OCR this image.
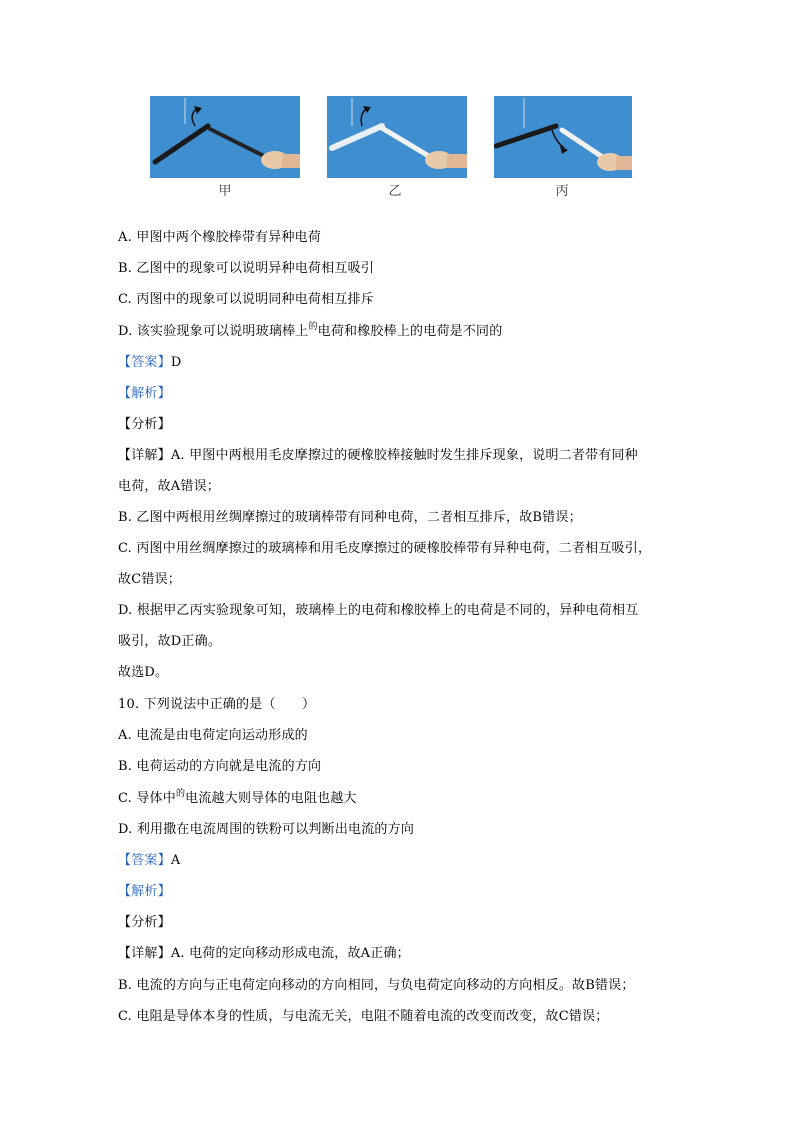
甲	乙	丙
A. 甲图中两个橡胶棒带有异种电荷
B. 乙图中的现象可以说明异种电荷相互吸引
C. 丙图中的现象可以说明同种电荷相互排斥
D. 该实验现象可以说明玻璃棒上$^的$电荷和橡胶棒上的电荷是不同的
【答案】D
【解析】
【分析】
【详解】A. 甲图中两根用毛皮摩擦过的硬橡胶棒接触时发生排斥现象，说明二者带有同种
电荷，故A错误；
B. 乙图中两根用丝绸摩擦过的玻璃棒带有同种电荷，二者相互排斥，故B错误；
C. 丙图中用丝绸摩擦过的玻璃棒和用毛皮摩擦过的硬橡胶棒带有异种电荷，二者相互吸引，
故C错误；
D. 根据甲乙丙实验现象可知，玻璃棒上的电荷和橡胶棒上的电荷是不同的，异种电荷相互
吸引，故D正确。
故选D。
10. 下列说法中正确的是（　　）
A. 电流是由电荷定向运动形成的
B. 电荷运动的方向就是电流的方向
C. 导体中$^的$电流越大则导体的电阻也越大
D. 利用撒在电流周围的铁粉可以判断出电流的方向
【答案】A
【解析】
【分析】
【详解】A. 电荷的定向移动形成电流，故A正确；
B. 电流的方向与正电荷定向移动的方向相同，与负电荷定向移动的方向相反。故B错误；
C. 电阻是导体本身的性质，与电流无关，电阻不随着电流的改变而改变，故C错误；
